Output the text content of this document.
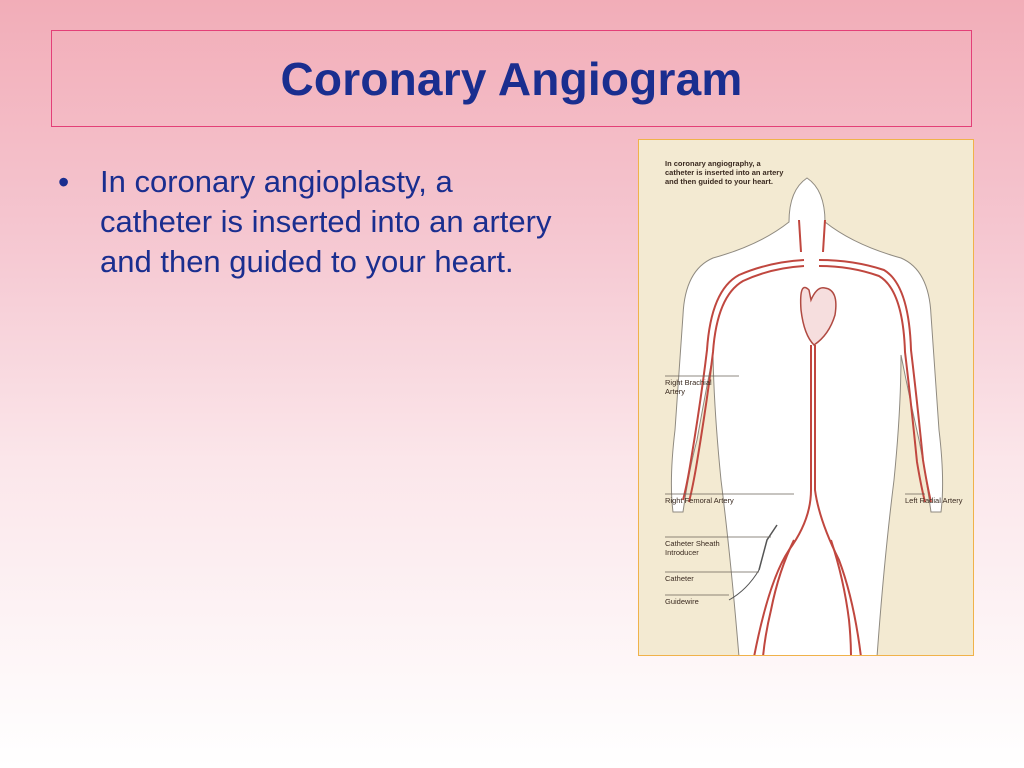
Coronary Angiogram
• In coronary angioplasty, a catheter is inserted into an artery and then guided to your heart.
In coronary angiography, a catheter is inserted into an artery and then guided to your heart.
Right Brachial Artery
Right Femoral Artery	Left Radial Artery
Catheter Sheath Introducer
Catheter
Guidewire
